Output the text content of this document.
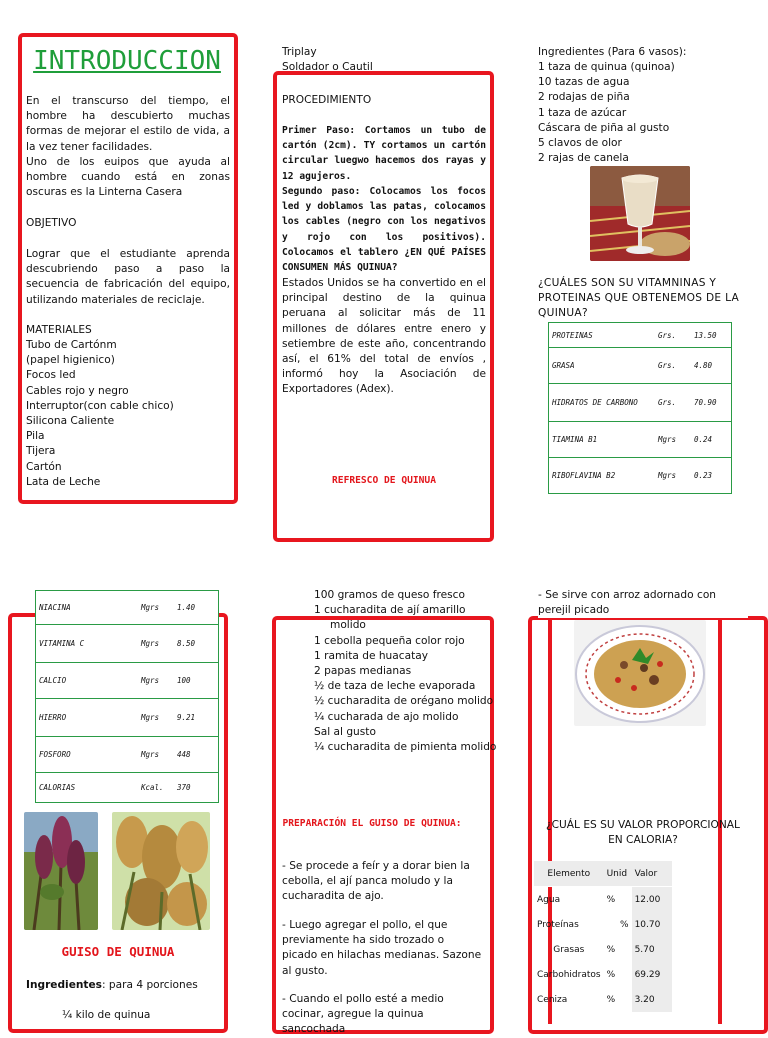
INTRODUCCION
En el transcurso del tiempo, el hombre ha descubierto muchas formas de mejorar el estilo de vida, a la vez tener facilidades.
Uno de los euipos que ayuda al hombre cuando está en zonas oscuras es la Linterna Casera
OBJETIVO
Lograr que el estudiante aprenda descubriendo paso a paso la secuencia de fabricación del equipo, utilizando materiales de reciclaje.
MATERIALES
Tubo de Cartónm
(papel higienico)
Focos led
Cables rojo y negro
Interruptor(con cable chico)
Silicona Caliente
Pila
Tijera
Cartón
Lata de Leche
Triplay
Soldador o Cautil
PROCEDIMIENTO
Primer Paso: Cortamos un tubo de cartón (2cm). TY cortamos un cartón circular luegwo hacemos dos rayas y 12 agujeros.
Segundo paso: Colocamos los focos led y doblamos las patas, colocamos los cables (negro con los negativos y rojo con los positivos). Colocamos el tablero ¿EN QUÉ PAÍSES CONSUMEN MÁS QUINUA?
Estados Unidos se ha convertido en el principal destino de la quinua peruana al solicitar más de 11 millones de dólares entre enero y setiembre de este año, concentrando así, el 61% del total de envíos , informó hoy la Asociación de Exportadores (Adex).
REFRESCO DE QUINUA
Ingredientes (Para 6 vasos):
1 taza de quinua (quinoa)
10 tazas de agua
2 rodajas de piña
1 taza de azúcar
Cáscara de piña al gusto
5 clavos de olor
2 rajas de canela
¿CUÁLES SON SU VITAMNINAS Y PROTEINAS QUE OBTENEMOS DE LA QUINUA?
PROTEINAS	Grs.	13.50
GRASA	Grs.	4.80
HIDRATOS DE CARBONO	Grs.	70.90
TIAMINA B1	Mgrs	0.24
RIBOFLAVINA B2	Mgrs	0.23
NIACINA	Mgrs	1.40
VITAMINA C	Mgrs	8.50
CALCIO	Mgrs	100
HIERRO	Mgrs	9.21
FOSFORO	Mgrs	448
CALORIAS	Kcal.	370
GUISO DE QUINUA
Ingredientes: para 4 porciones
¼ kilo de quinua
100 gramos de queso fresco
1 cucharadita de ají amarillo
molido
1 cebolla pequeña color rojo
1 ramita de huacatay
2 papas medianas
½ de taza de leche evaporada
½ cucharadita de orégano molido
¼ cucharada de ajo molido
Sal al gusto
¼ cucharadita de pimienta molido
PREPARACIÓN EL GUISO DE QUINUA:
- Se procede a feír y a dorar bien la cebolla, el ají panca moludo y la cucharadita de ajo.
- Luego agregar el pollo, el que previamente ha sido trozado o picado en hilachas medianas. Sazone al gusto.
- Cuando el pollo esté a medio cocinar, agregue la quinua sancochada
- Se sirve con arroz adornado con perejil picado
¿CUÁL ES SU VALOR PROPORCIONAL EN CALORIA?
Elemento	Unid	Valor
Agua	%	12.00
Proteínas	%	10.70
Grasas	%	5.70
Carbohidratos	%	69.29
Ceniza	%	3.20
